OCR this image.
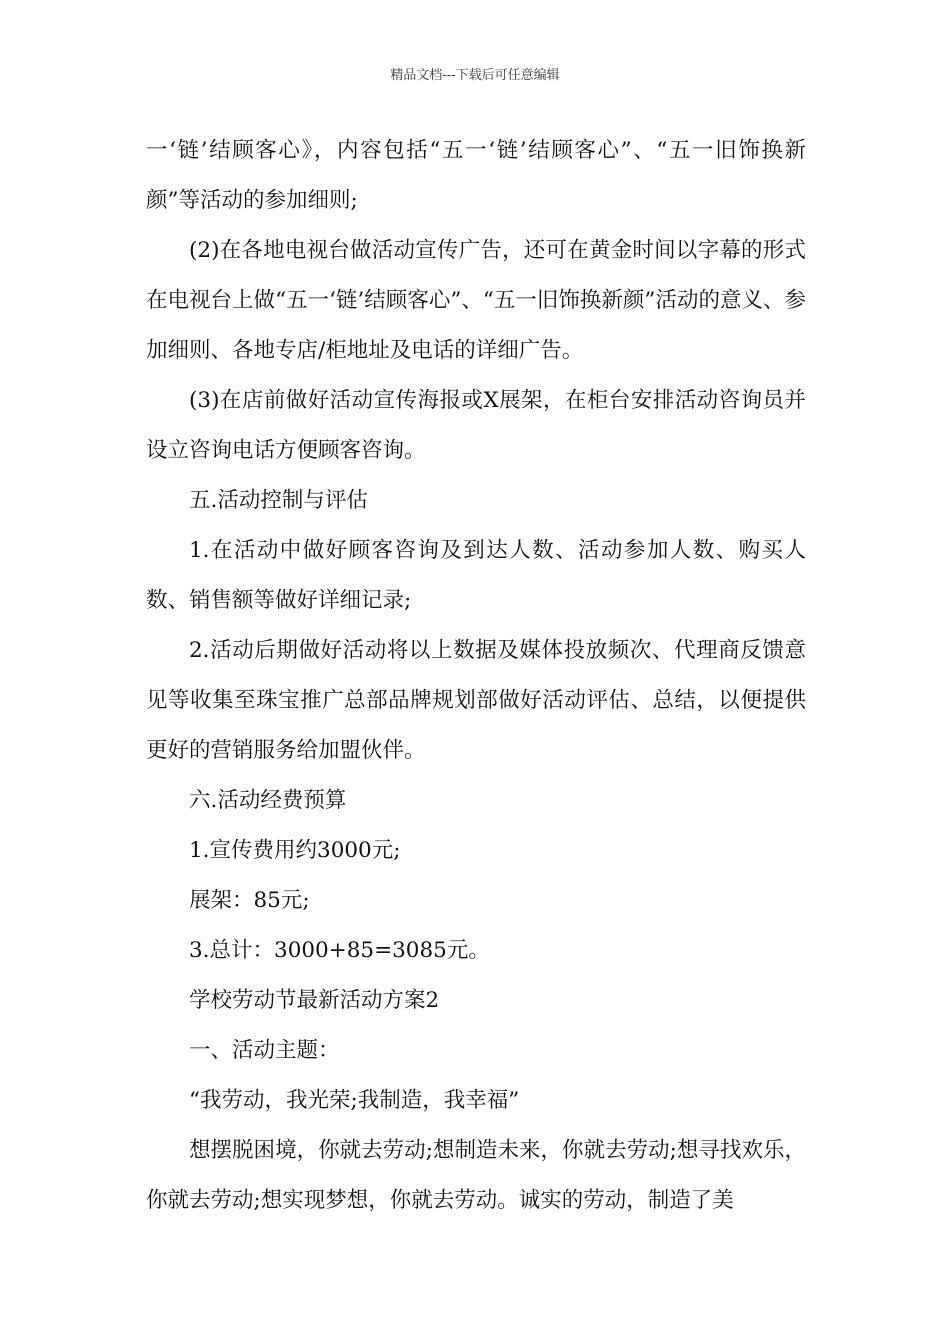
精品文档---下载后可任意编辑

一‘链’结顾客心》，内容包括“五一‘链’结顾客心”、“五一旧饰换新颜”等活动的参加细则;

(2)在各地电视台做活动宣传广告，还可在黄金时间以字幕的形式在电视台上做“五一‘链’结顾客心”、“五一旧饰换新颜”活动的意义、参加细则、各地专店/柜地址及电话的详细广告。

(3)在店前做好活动宣传海报或X展架，在柜台安排活动咨询员并设立咨询电话方便顾客咨询。

五.活动控制与评估

1.在活动中做好顾客咨询及到达人数、活动参加人数、购买人数、销售额等做好详细记录;

2.活动后期做好活动将以上数据及媒体投放频次、代理商反馈意见等收集至珠宝推广总部品牌规划部做好活动评估、总结，以便提供更好的营销服务给加盟伙伴。

六.活动经费预算

1.宣传费用约3000元;

展架：85元;

3.总计：3000+85=3085元。

学校劳动节最新活动方案2

一、活动主题：

“我劳动，我光荣;我制造，我幸福”

想摆脱困境，你就去劳动;想制造未来，你就去劳动;想寻找欢乐，你就去劳动;想实现梦想，你就去劳动。诚实的劳动，制造了美
